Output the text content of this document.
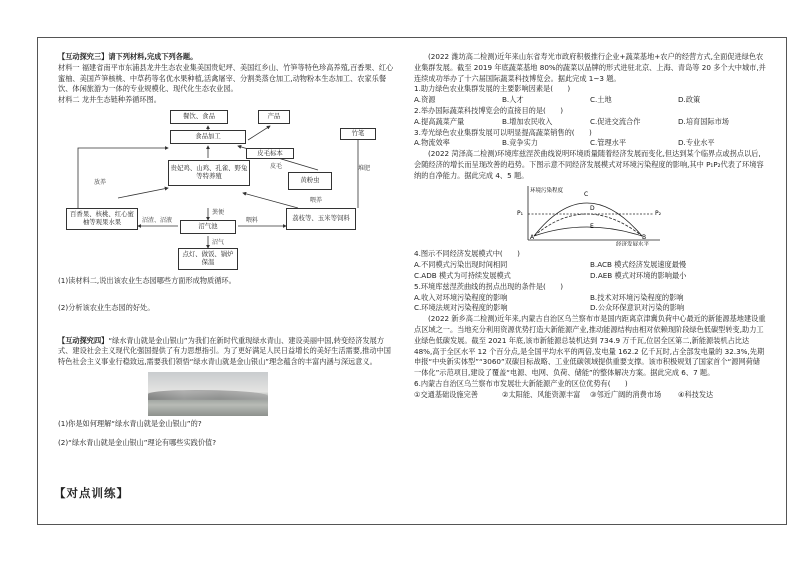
【互动探究三】请下列材料,完成下列各题。

材料一 福建省南平市东浦县龙井生态农业集美国贵妃坪、美国红乡山、竹笋等特色珍高养殖,百香果、红心蜜柚、美国芦笋核桃、中草药等名优水果种植,活禽屠宰、分割类蒸仓加工,动物粉本生态加工、农家乐餐饮、体闲旅游为一体的专业规模化、现代化生态农业园。

材料二 龙井生态链种养循环图。

餐饮、食品	产品
食品加工	竹笔
皮毛标本
皮毛
贵妃鸡、山鸡、孔雀、野兔等特养殖
黄粉虫
百香果、核桃、红心蜜柚等观果水果	荔枝等、玉米等饲料
沼气池
点灯、做饭、锅炉保温
放养
粪便
堆肥
喂养
沼气
沼渣、沼液	喂料

(1)读材料二,说出该农业生态园哪些方面形成物质循环。

(2)分析该农业生态园的好处。

【互动探究四】“绿水青山就是金山银山”为我们在新时代重现绿水青山、建设美丽中国,转变经济发展方式、建设社会主义现代化强国提供了有力思想指引。为了更好满足人民日益增长的美好生活需要,推动中国特色社会主义事业行稳致远,需要我们领悟“绿水青山就是金山银山”理念蕴含的丰富内涵与深远意义。

(1)你是如何理解“绿水青山就是金山银山”的?

(2)“绿水青山就是金山银山”理论有哪些实践价值?

【对点训练】

(2022 潍坊高二检测)近年来山东省寿光市政府积极推行企业+蔬菜基地+农户的经营方式,全面促进绿色农业集群发展。截至 2019 年底蔬菜基地 80%的蔬菜以品牌的形式进驻北京、上海、青岛等 20 多个大中城市,并连续成功举办了十六届国际蔬菜科技博览会。据此完成 1~3 题。

1.助力绿色农业集群发展的主要影响因素是(　　)

A.资源	B.人才	C.土地	D.政策

2.举办国际蔬菜科技博览会的直接目的是(　　)

A.提高蔬菜产量	B.增加农民收入	C.促进交流合作	D.培育国际市场

3.寿光绿色农业集群发展可以明显提高蔬菜销售的(　　)

A.物流效率	B.竞争实力	C.管理水平	D.专业水平

(2022 菏泽高二检测)环境库兹涅茨曲线说明环境质量随着经济发展而变化,但达到某个临界点或拐点以后,会随经济的增长而呈现改善的趋势。下图示意不同经济发展模式对环境污染程度的影响,其中 P₁P₂代表了环境容纳的自净能力。据此完成 4、5 题。

P₁	P₂
A	B
C
D
E
环境污染程度
经济发展水平

4.图示不同经济发展模式中(　　)

A.不同模式污染出现时间相同	B.ACB 模式经济发展速度最慢
C.ADB 模式为可持续发展模式	D.AEB 模式对环境的影响最小

5.环境库兹涅茨曲线的拐点出现的条件是(　　)

A.收入对环境污染程度的影响	B.技术对环境污染程度的影响
C.环境法规对污染程度的影响	D.公众环保意识对污染的影响

(2022 新乡高二检测)近年来,内蒙古自治区乌兰察布市是国内距离京津冀负荷中心最近的新能源基地建设重点区域之一。当地充分利用资源优势打造大新能源产业,推动能源结构由相对依赖现阶段绿色低碳型转变,助力工业绿色低碳发展。截至 2021 年底,该市新能源总装机达到 734.9 万千瓦,位居全区第二,新能源装机占比达 48%,高于全区水平 12 个百分点,是全国平均水平的两倍,发电量 162.2 亿千瓦时,占全部发电量的 32.3%,先期申报“中央新实体型”“3060”双碳目标战略、工业低碳领域提供重要支撑。该市积极规划了国家首个“源网荷储一体化”示范项目,建设了覆盖“电源、电网、负荷、储能”的整体解决方案。据此完成 6、7 题。

6.内蒙古自治区乌兰察布市发展壮大新能源产业的区位优势有(　　)

①交通基础设施完善	②太阳能、风能资源丰富	③邻近广阔的消费市场	④科技发达
